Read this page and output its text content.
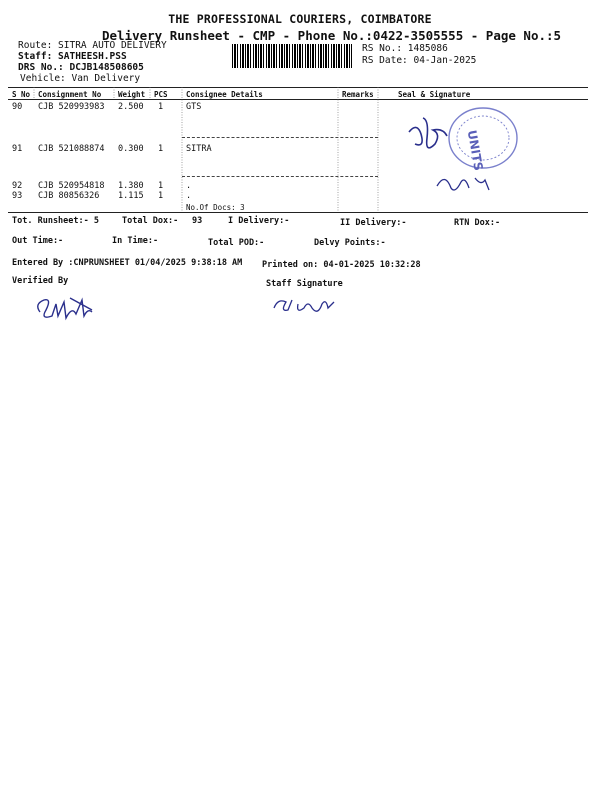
THE PROFESSIONAL COURIERS, COIMBATORE
Delivery Runsheet - CMP - Phone No.:0422-3505555 - Page No.:5
Route: SITRA AUTO DELIVERY
Staff: SATHEESH.PSS
DRS No.: DCJB148508605
Vehicle: Van Delivery
RS No.: 1485086
RS Date: 04-Jan-2025
S No Consignment No Weight PCS Consignee Details	Remarks	Seal & Signature
90 CJB 520993983 2.500 1	GTS
91 CJB 521088874 0.300 1	SITRA
92 CJB 520954818 1.380 1	.
93 CJB 80856326 1.115 1	.
No.Of Docs: 3
UNITS
Tot. Runsheet:- 5	Total Dox:- 93	I Delivery:-	II Delivery:-	RTN Dox:-
Out Time:-	In Time:-	Total POD:-	Delvy Points:-
Entered By :CNPRUNSHEET 01/04/2025 9:38:18 AM Printed on: 04-01-2025 10:32:28
Verified By	Staff Signature
